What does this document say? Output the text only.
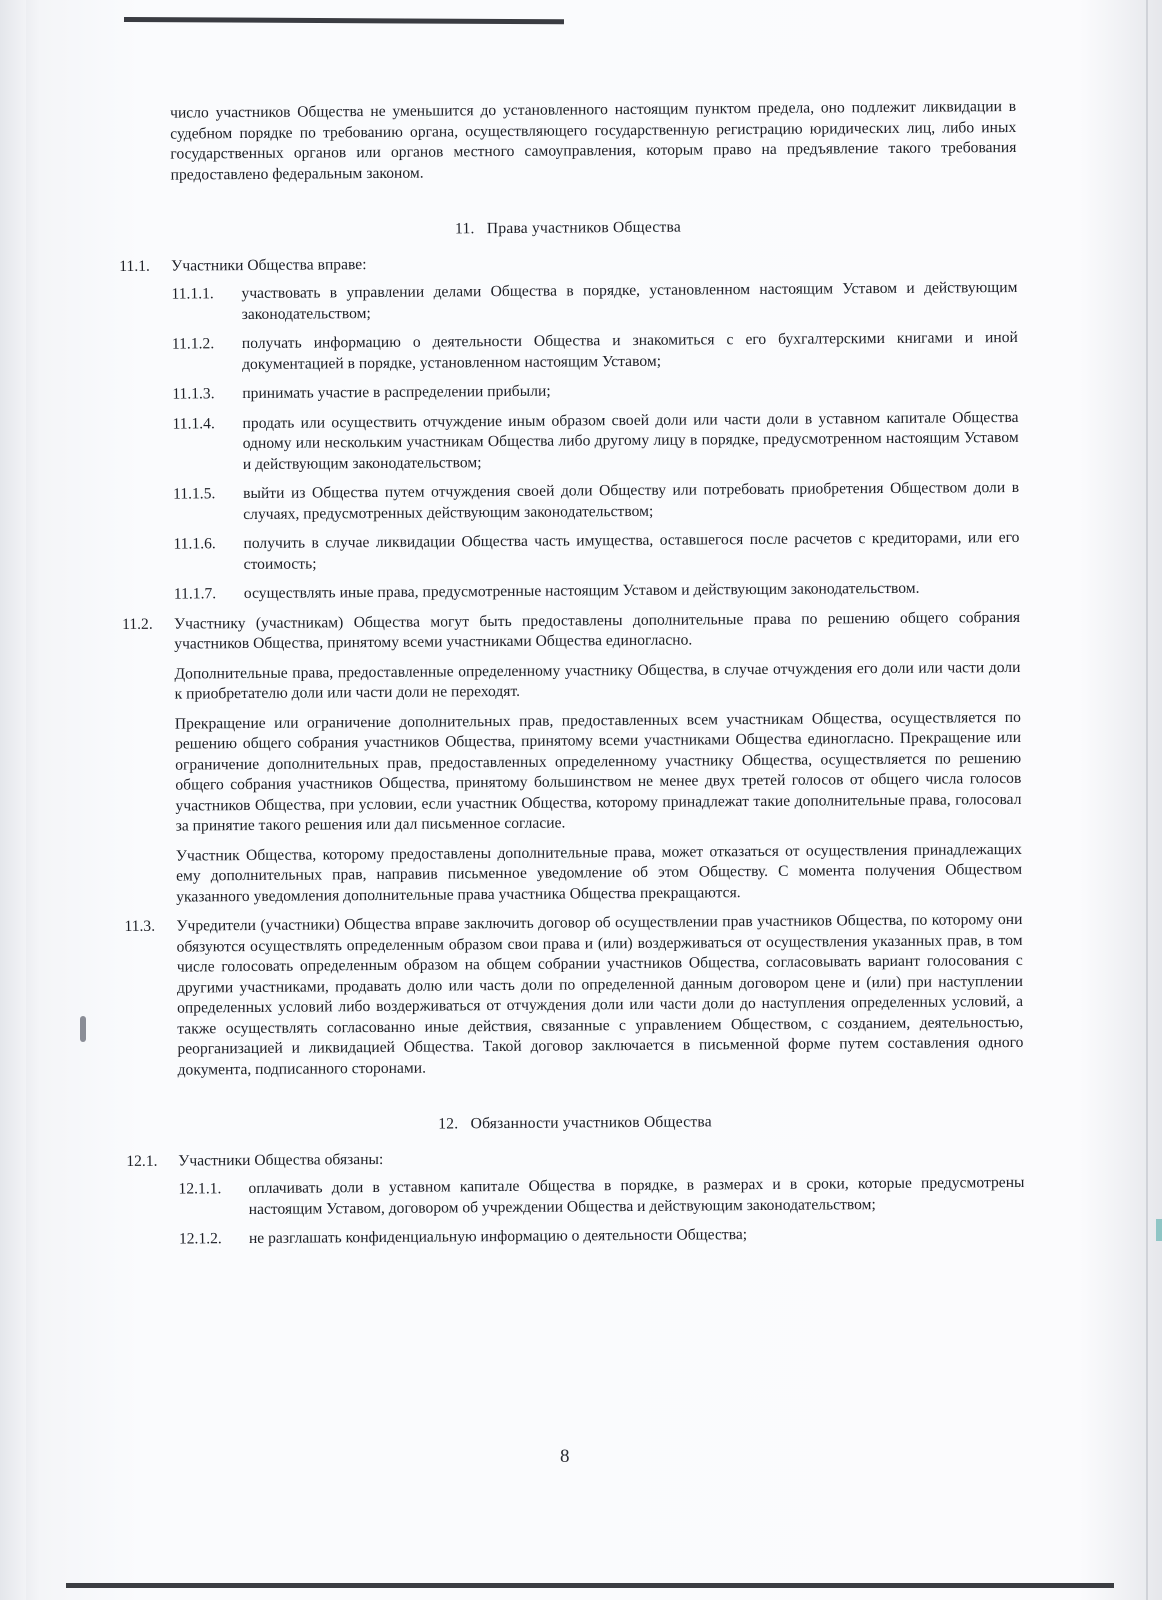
число участников Общества не уменьшится до установленного настоящим пунктом предела, оно подлежит ликвидации в судебном порядке по требованию органа, осуществляющего государственную регистрацию юридических лиц, либо иных государственных органов или органов местного самоуправления, которым право на предъявление такого требования предоставлено федеральным законом.

11. Права участников Общества
11.1.	Участники Общества вправе:
11.1.1.	участвовать в управлении делами Общества в порядке, установленном настоящим Уставом и действующим законодательством;
11.1.2.	получать информацию о деятельности Общества и знакомиться с его бухгалтерскими книгами и иной документацией в порядке, установленном настоящим Уставом;
11.1.3.	принимать участие в распределении прибыли;
11.1.4.	продать или осуществить отчуждение иным образом своей доли или части доли в уставном капитале Общества одному или нескольким участникам Общества либо другому лицу в порядке, предусмотренном настоящим Уставом и действующим законодательством;
11.1.5.	выйти из Общества путем отчуждения своей доли Обществу или потребовать приобретения Обществом доли в случаях, предусмотренных действующим законодательством;
11.1.6.	получить в случае ликвидации Общества часть имущества, оставшегося после расчетов с кредиторами, или его стоимость;
11.1.7.	осуществлять иные права, предусмотренные настоящим Уставом и действующим законодательством.
11.2.	Участнику (участникам) Общества могут быть предоставлены дополнительные права по решению общего собрания участников Общества, принятому всеми участниками Общества единогласно.

Дополнительные права, предоставленные определенному участнику Общества, в случае отчуждения его доли или части доли к приобретателю доли или части доли не переходят.

Прекращение или ограничение дополнительных прав, предоставленных всем участникам Общества, осуществляется по решению общего собрания участников Общества, принятому всеми участниками Общества единогласно. Прекращение или ограничение дополнительных прав, предоставленных определенному участнику Общества, осуществляется по решению общего собрания участников Общества, принятому большинством не менее двух третей голосов от общего числа голосов участников Общества, при условии, если участник Общества, которому принадлежат такие дополнительные права, голосовал за принятие такого решения или дал письменное согласие.

Участник Общества, которому предоставлены дополнительные права, может отказаться от осуществления принадлежащих ему дополнительных прав, направив письменное уведомление об этом Обществу. С момента получения Обществом указанного уведомления дополнительные права участника Общества прекращаются.

11.3.	Учредители (участники) Общества вправе заключить договор об осуществлении прав участников Общества, по которому они обязуются осуществлять определенным образом свои права и (или) воздерживаться от осуществления указанных прав, в том числе голосовать определенным образом на общем собрании участников Общества, согласовывать вариант голосования с другими участниками, продавать долю или часть доли по определенной данным договором цене и (или) при наступлении определенных условий либо воздерживаться от отчуждения доли или части доли до наступления определенных условий, а также осуществлять согласованно иные действия, связанные с управлением Обществом, с созданием, деятельностью, реорганизацией и ликвидацией Общества. Такой договор заключается в письменной форме путем составления одного документа, подписанного сторонами.
12. Обязанности участников Общества
12.1.	Участники Общества обязаны:
12.1.1.	оплачивать доли в уставном капитале Общества в порядке, в размерах и в сроки, которые предусмотрены настоящим Уставом, договором об учреждении Общества и действующим законодательством;
12.1.2.	не разглашать конфиденциальную информацию о деятельности Общества;
8
